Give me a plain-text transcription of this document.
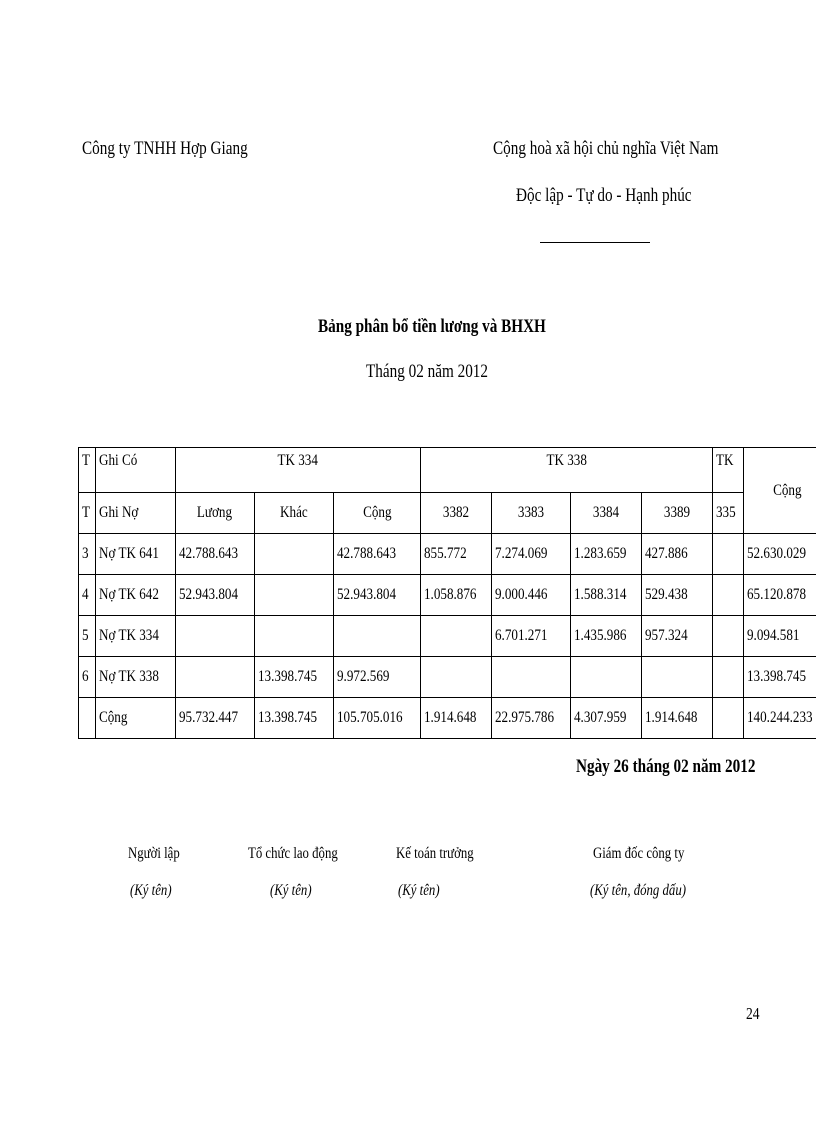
Công ty TNHH Hợp Giang	Cộng hoà xã hội chủ nghĩa Việt Nam
Độc lập - Tự do - Hạnh phúc
Bảng phân bổ tiền lương và BHXH
Tháng 02 năm 2012
T	Ghi Có	TK 334			TK 338				TK	Cộng
T	Ghi Nợ	Lương	Khác	Cộng	3382	3383	3384	3389	335	
3	Nợ TK 641	42.788.643		42.788.643	855.772	7.274.069	1.283.659	427.886		52.630.029
4	Nợ TK 642	52.943.804		52.943.804	1.058.876	9.000.446	1.588.314	529.438		65.120.878
5	Nợ TK 334					6.701.271	1.435.986	957.324		9.094.581
6	Nợ TK 338		13.398.745	9.972.569						13.398.745
	Cộng	95.732.447	13.398.745	105.705.016	1.914.648	22.975.786	4.307.959	1.914.648		140.244.233
Ngày 26 tháng 02 năm 2012
Người lập
(Ký tên)
Tổ chức lao động
(Ký tên)
Kế toán trưởng
(Ký tên)
Giám đốc công ty
(Ký tên, đóng dấu)
24
